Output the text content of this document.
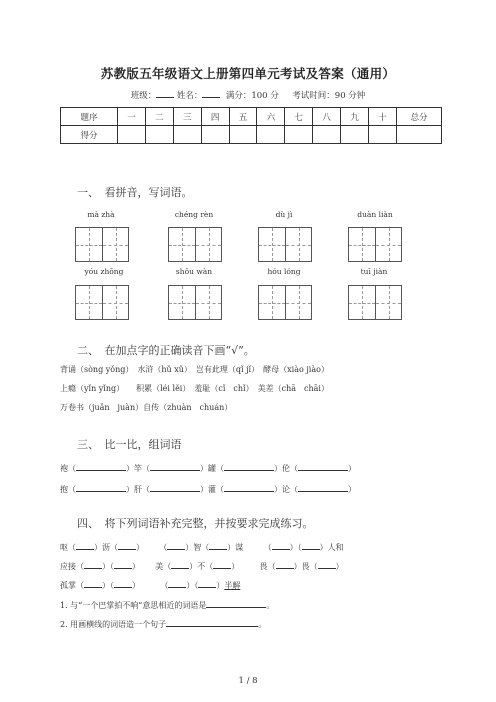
苏教版五年级语文上册第四单元考试及答案（通用）
班级： 姓名：	满分：100 分 考试时间：90 分钟
题序	一	二	三	四	五	六	七	八	九	十	总分
得分											
一、　看拼音，写词语。
mà zhà	chéng rèn	dù jì	duàn liàn
yóu zhōng	shǒu wàn	hóu lóng	tuī jiàn
二、　在加点字的正确读音下画“√”。
背诵（sòng yǒng）　水浒（hǔ xǔ）　岂有此理（qǐ jǐ）　酵母（xiào jiào）
上瘾（yǐn yǐng）　　积累（léi lěi）　羞耻（cǐ　chǐ）　美差（chā　chāi）
万卷书（juǎn　juàn）自传（zhuàn　chuán）
三、　比一比，组词语
袍（	）竿（	）罐（	）伦（	）
抱（	）肝（	）灌（	）论（	）
四、　将下列词语补充完整，并按要求完成练习。
呕（ ）沥（ ） （ ）智（ ）谋	（ ）（ ）人和
应接（ ）（ ） 美（ ）不（ ）	畏（ ）畏（ ）
孤掌（ ）（ ）	（ ）（ ）半解
1. 与“一个巴掌拍不响”意思相近的词语是	。
2. 用画横线的词语造一个句子	。
1 / 8
